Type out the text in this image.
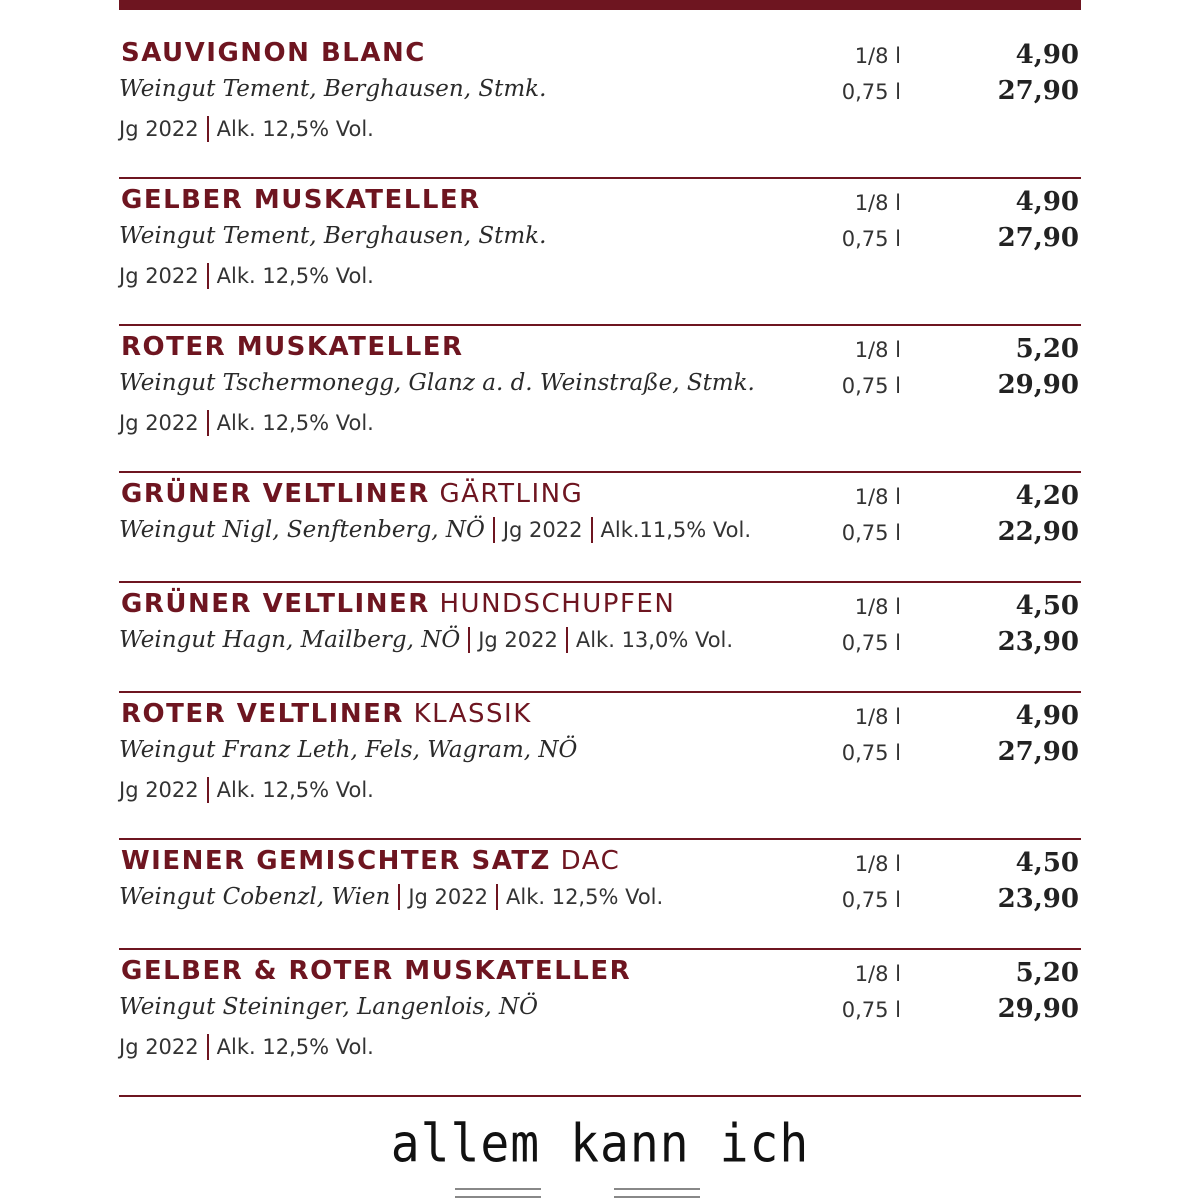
SAUVIGNON BLANC
Weingut Tement, Berghausen, Stmk.
Jg 2022 Alk. 12,5% Vol.
1/8 l	4,90
0,75 l	27,90
GELBER MUSKATELLER
Weingut Tement, Berghausen, Stmk.
Jg 2022 Alk. 12,5% Vol.
1/8 l	4,90
0,75 l	27,90
ROTER MUSKATELLER
Weingut Tschermonegg, Glanz a. d. Weinstraße, Stmk.
Jg 2022 Alk. 12,5% Vol.
1/8 l	5,20
0,75 l	29,90
GRÜNER VELTLINER GÄRTLING
Weingut Nigl, Senftenberg, NÖ Jg 2022 Alk.11,5% Vol.
1/8 l	4,20
0,75 l	22,90
GRÜNER VELTLINER HUNDSCHUPFEN
Weingut Hagn, Mailberg, NÖ Jg 2022 Alk. 13,0% Vol.
1/8 l	4,50
0,75 l	23,90
ROTER VELTLINER KLASSIK
Weingut Franz Leth, Fels, Wagram, NÖ
Jg 2022 Alk. 12,5% Vol.
1/8 l	4,90
0,75 l	27,90
WIENER GEMISCHTER SATZ DAC
Weingut Cobenzl, Wien Jg 2022 Alk. 12,5% Vol.
1/8 l	4,50
0,75 l	23,90
GELBER & ROTER MUSKATELLER
Weingut Steininger, Langenlois, NÖ
Jg 2022 Alk. 12,5% Vol.
1/8 l	5,20
0,75 l	29,90
allem kann ich
